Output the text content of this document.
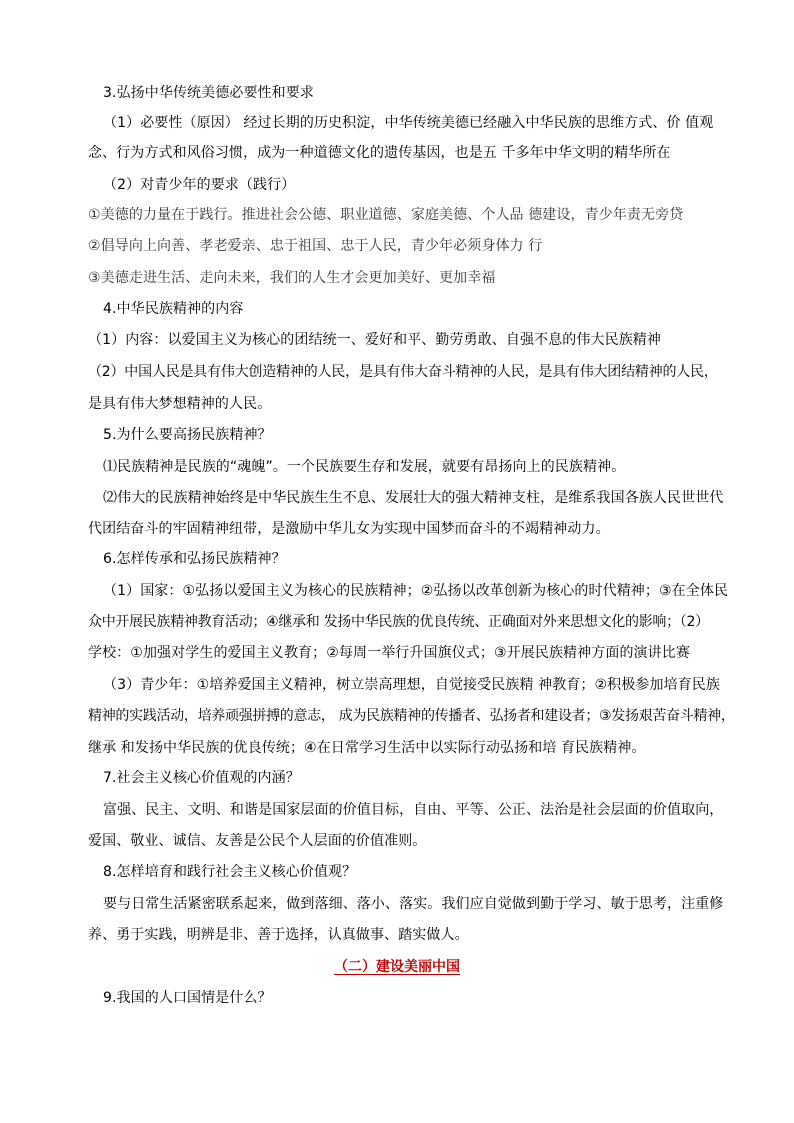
3.弘扬中华传统美德必要性和要求
（1）必要性（原因） 经过长期的历史积淀，中华传统美德已经融入中华民族的思维方式、价 值观
念、行为方式和风俗习惯，成为一种道德文化的遗传基因，也是五 千多年中华文明的精华所在
（2）对青少年的要求（践行）
①美德的力量在于践行。推进社会公德、职业道德、家庭美德、个人品 德建设，青少年责无旁贷
②倡导向上向善、孝老爱亲、忠于祖国、忠于人民，青少年必须身体力 行
③美德走进生活、走向未来，我们的人生才会更加美好、更加幸福
4.中华民族精神的内容
（1）内容：以爱国主义为核心的团结统一、爱好和平、勤劳勇敢、自强不息的伟大民族精神
（2）中国人民是具有伟大创造精神的人民，是具有伟大奋斗精神的人民，是具有伟大团结精神的人民，
是具有伟大梦想精神的人民。
5.为什么要高扬民族精神？
⑴民族精神是民族的“魂魄”。一个民族要生存和发展，就要有昂扬向上的民族精神。
⑵伟大的民族精神始终是中华民族生生不息、发展壮大的强大精神支柱，是维系我国各族人民世世代
代团结奋斗的牢固精神纽带，是激励中华儿女为实现中国梦而奋斗的不竭精神动力。
6.怎样传承和弘扬民族精神？
（1）国家：①弘扬以爱国主义为核心的民族精神；②弘扬以改革创新为核心的时代精神；③在全体民
众中开展民族精神教育活动；④继承和 发扬中华民族的优良传统、正确面对外来思想文化的影响；（2）
学校：①加强对学生的爱国主义教育；②每周一举行升国旗仪式；③开展民族精神方面的演讲比赛
（3）青少年：①培养爱国主义精神，树立崇高理想，自觉接受民族精 神教育；②积极参加培育民族
精神的实践活动，培养顽强拼搏的意志， 成为民族精神的传播者、弘扬者和建设者；③发扬艰苦奋斗精神，
继承 和发扬中华民族的优良传统；④在日常学习生活中以实际行动弘扬和培 育民族精神。
7.社会主义核心价值观的内涵？
富强、民主、文明、和谐是国家层面的价值目标，自由、平等、公正、法治是社会层面的价值取向，
爱国、敬业、诚信、友善是公民个人层面的价值准则。
8.怎样培育和践行社会主义核心价值观？
要与日常生活紧密联系起来，做到落细、落小、落实。我们应自觉做到勤于学习、敏于思考，注重修
养、勇于实践，明辨是非、善于选择，认真做事、踏实做人。
（二）建设美丽中国
9.我国的人口国情是什么？
